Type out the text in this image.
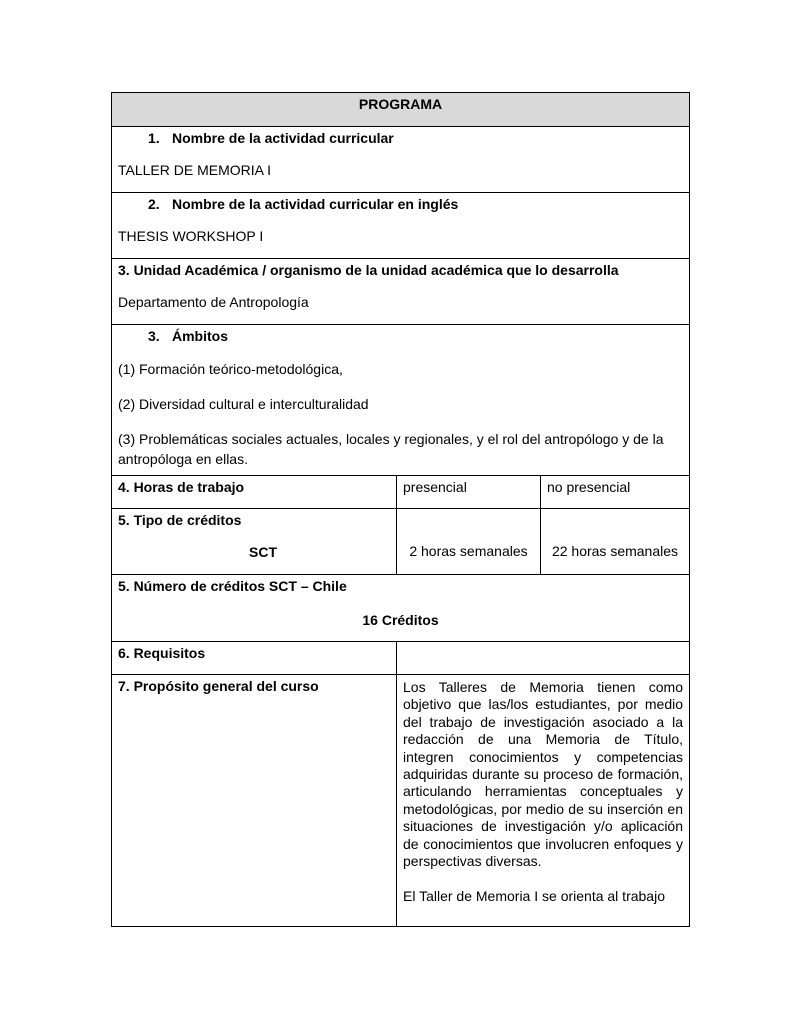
PROGRAMA		

1. Nombre de la actividad curricular

TALLER DE MEMORIA I		

2. Nombre de la actividad curricular en inglés

THESIS WORKSHOP I		

3. Unidad Académica / organismo de la unidad académica que lo desarrolla

Departamento de Antropología		

3. Ámbitos

(1) Formación teórico-metodológica,

(2) Diversidad cultural e interculturalidad

(3) Problemáticas sociales actuales, locales y regionales, y el rol del antropólogo y de la antropóloga en ellas.		

4. Horas de trabajo	presencial	no presencial

5. Tipo de créditos
SCT	2 horas semanales	22 horas semanales

5. Número de créditos SCT – Chile
16 Créditos		

6. Requisitos		

7. Propósito general del curso	Los Talleres de Memoria tienen como objetivo que las/los estudiantes, por medio del trabajo de investigación asociado a la redacción de una Memoria de Título, integren conocimientos y competencias adquiridas durante su proceso de formación, articulando herramientas conceptuales y metodológicas, por medio de su inserción en situaciones de investigación y/o aplicación de conocimientos que involucren enfoques y perspectivas diversas.

El Taller de Memoria I se orienta al trabajo	
